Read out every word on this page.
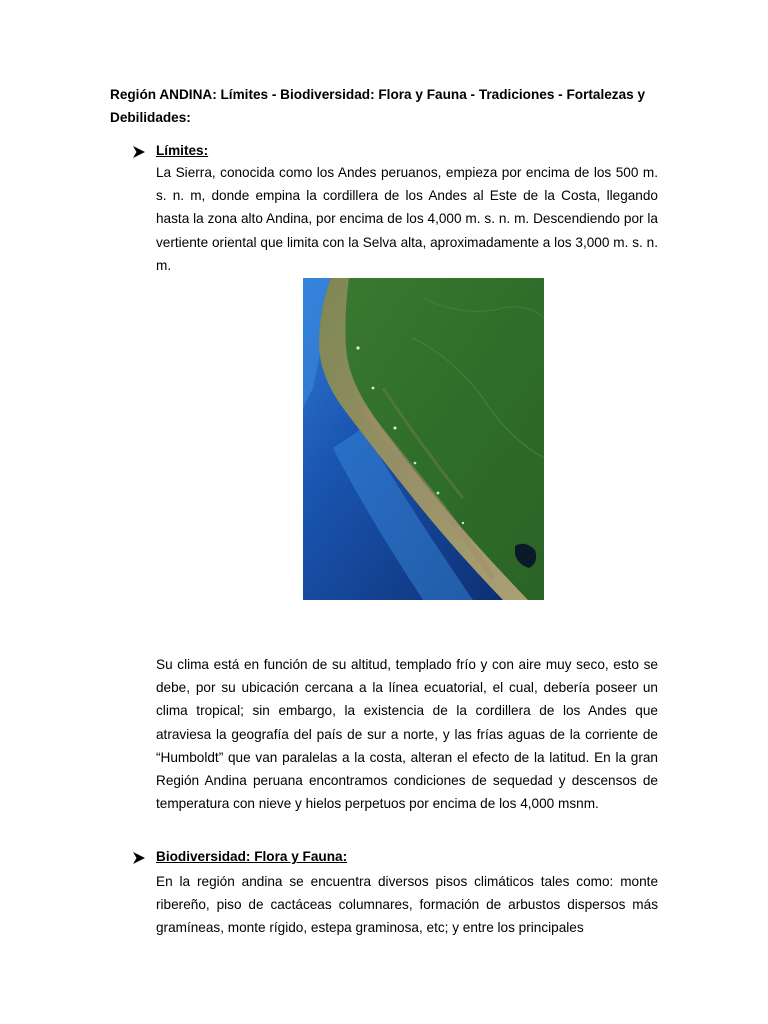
Región ANDINA: Límites - Biodiversidad: Flora y Fauna - Tradiciones - Fortalezas y Debilidades:

Límites:

La Sierra, conocida como los Andes peruanos, empieza por encima de los 500 m. s. n. m, donde empina la cordillera de los Andes al Este de la Costa, llegando hasta la zona alto Andina, por encima de los 4,000 m. s. n. m. Descendiendo por la vertiente oriental que limita con la Selva alta, aproximadamente a los 3,000 m. s. n. m.

Su clima está en función de su altitud, templado frío y con aire muy seco, esto se debe, por su ubicación cercana a la línea ecuatorial, el cual, debería poseer un clima tropical; sin embargo, la existencia de la cordillera de los Andes que atraviesa la geografía del país de sur a norte, y las frías aguas de la corriente de “Humboldt” que van paralelas a la costa, alteran el efecto de la latitud. En la gran Región Andina peruana encontramos condiciones de sequedad y descensos de temperatura con nieve y hielos perpetuos por encima de los 4,000 msnm.

Biodiversidad: Flora y Fauna:

En la región andina se encuentra diversos pisos climáticos tales como: monte ribereño, piso de cactáceas columnares, formación de arbustos dispersos más gramíneas, monte rígido, estepa graminosa, etc; y entre los principales
